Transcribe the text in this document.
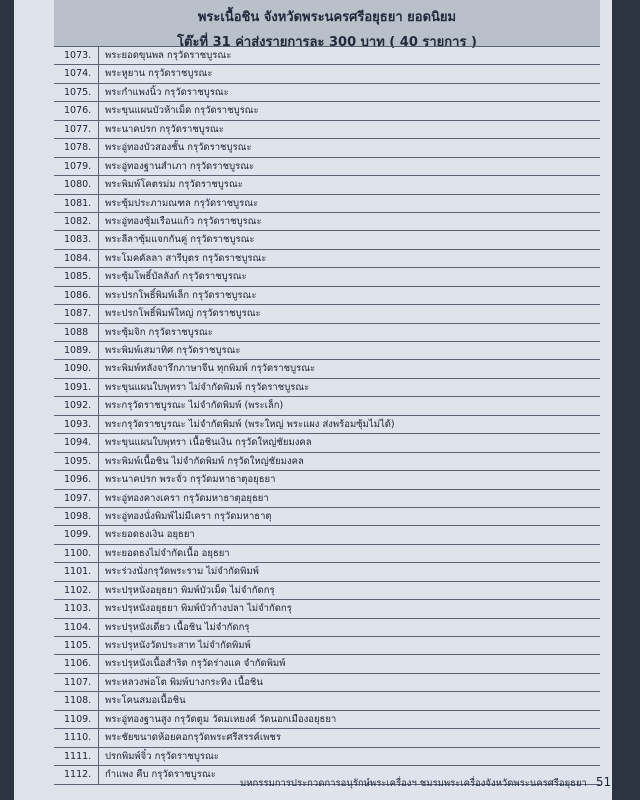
พระเนื้อชิน จังหวัดพระนครศรีอยุธยา ยอดนิยม
โต๊ะที่ 31 ค่าส่งรายการละ 300 บาท ( 40 รายการ )
1073.	พระยอดขุนพล กรุวัดราชบูรณะ
1074.	พระหูยาน กรุวัดราชบูรณะ
1075.	พระกำแพงนิ้ว กรุวัดราชบูรณะ
1076.	พระขุนแผนบัวห้าเม็ด กรุวัดราชบูรณะ
1077.	พระนาคปรก กรุวัดราชบูรณะ
1078.	พระอู่ทองบัวสองชั้น กรุวัดราชบูรณะ
1079.	พระอู่ทองฐานสำเภา กรุวัดราชบูรณะ
1080.	พระพิมพ์โคตรม่ม กรุวัดราชบูรณะ
1081.	พระซุ้มประภามณฑล กรุวัดราชบูรณะ
1082.	พระอู่ทองซุ้มเรือนแก้ว กรุวัดราชบูรณะ
1083.	พระลีลาซุ้มแจกกันคู่ กรุวัดราชบูรณะ
1084.	พระโมคคัลลา สารีบุตร กรุวัดราชบูรณะ
1085.	พระซุ้มโพธิ์บัลลังก์ กรุวัดราชบูรณะ
1086.	พระปรกโพธิ์พิมพ์เล็ก กรุวัดราชบูรณะ
1087.	พระปรกโพธิ์พิมพ์ใหญ่ กรุวัดราชบูรณะ
1088	พระซุ้มจิก กรุวัดราชบูรณะ
1089.	พระพิมพ์เสมาทิศ กรุวัดราชบูรณะ
1090.	พระพิมพ์หลังจารึกภาษาจีน ทุกพิมพ์ กรุวัดราชบูรณะ
1091.	พระขุนแผนใบพุทรา ไม่จำกัดพิมพ์ กรุวัดราชบูรณะ
1092.	พระกรุวัดราชบูรณะ ไม่จำกัดพิมพ์ (พระเล็ก)
1093.	พระกรุวัดราชบูรณะ ไม่จำกัดพิมพ์ (พระใหญ่ พระแผง ส่งพร้อมซุ้มไม่ได้)
1094.	พระขุนแผนใบพุทรา เนื้อชินเงิน กรุวัดใหญ่ชัยมงคล
1095.	พระพิมพ์เนื้อชิน ไม่จำกัดพิมพ์ กรุวัดใหญ่ชัยมงคล
1096.	พระนาคปรก พระจั่ว กรุวัดมหาธาตุอยุธยา
1097.	พระอู่ทองคางเครา กรุวัดมหาธาตุอยุธยา
1098.	พระอู่ทองนั่งพิมพ์ไม่มีเครา กรุวัดมหาธาตุ
1099.	พระยอดธงเงิน อยุธยา
1100.	พระยอดธงไม่จำกัดเนื้อ อยุธยา
1101.	พระร่วงนั่งกรุวัดพระราม ไม่จำกัดพิมพ์
1102.	พระปรุหนังอยุธยา พิมพ์บัวเม็ด ไม่จำกัดกรุ
1103.	พระปรุหนังอยุธยา พิมพ์บัวก้างปลา ไม่จำกัดกรุ
1104.	พระปรุหนังเดี่ยว เนื้อชิน ไม่จำกัดกรุ
1105.	พระปรุหนังวัดประสาท ไม่จำกัดพิมพ์
1106.	พระปรุหนังเนื้อสำริด กรุวัดร่างแค จำกัดพิมพ์
1107.	พระหลวงพ่อโต พิมพ์บางกระทิง เนื้อชิน
1108.	พระโคนสมอเนื้อชิน
1109.	พระอู่ทองฐานสูง กรุวัดตูม วัดมเหยงค์ วัดนอกเมืองอยุธยา
1110.	พระชัยขนาดห้อยคอกรุวัดพระศรีสรรค์เพชร
1111.	ปรกพิมพ์จิ๋ว กรุวัดราชบูรณะ
1112.	กำแพง คืบ กรุวัดราชบูรณะ
มหกรรมการประกวดการอนุรักษ์พระเครื่องฯ ชมรมพระเครื่องจังหวัดพระนครศรีอยุธยา 51
